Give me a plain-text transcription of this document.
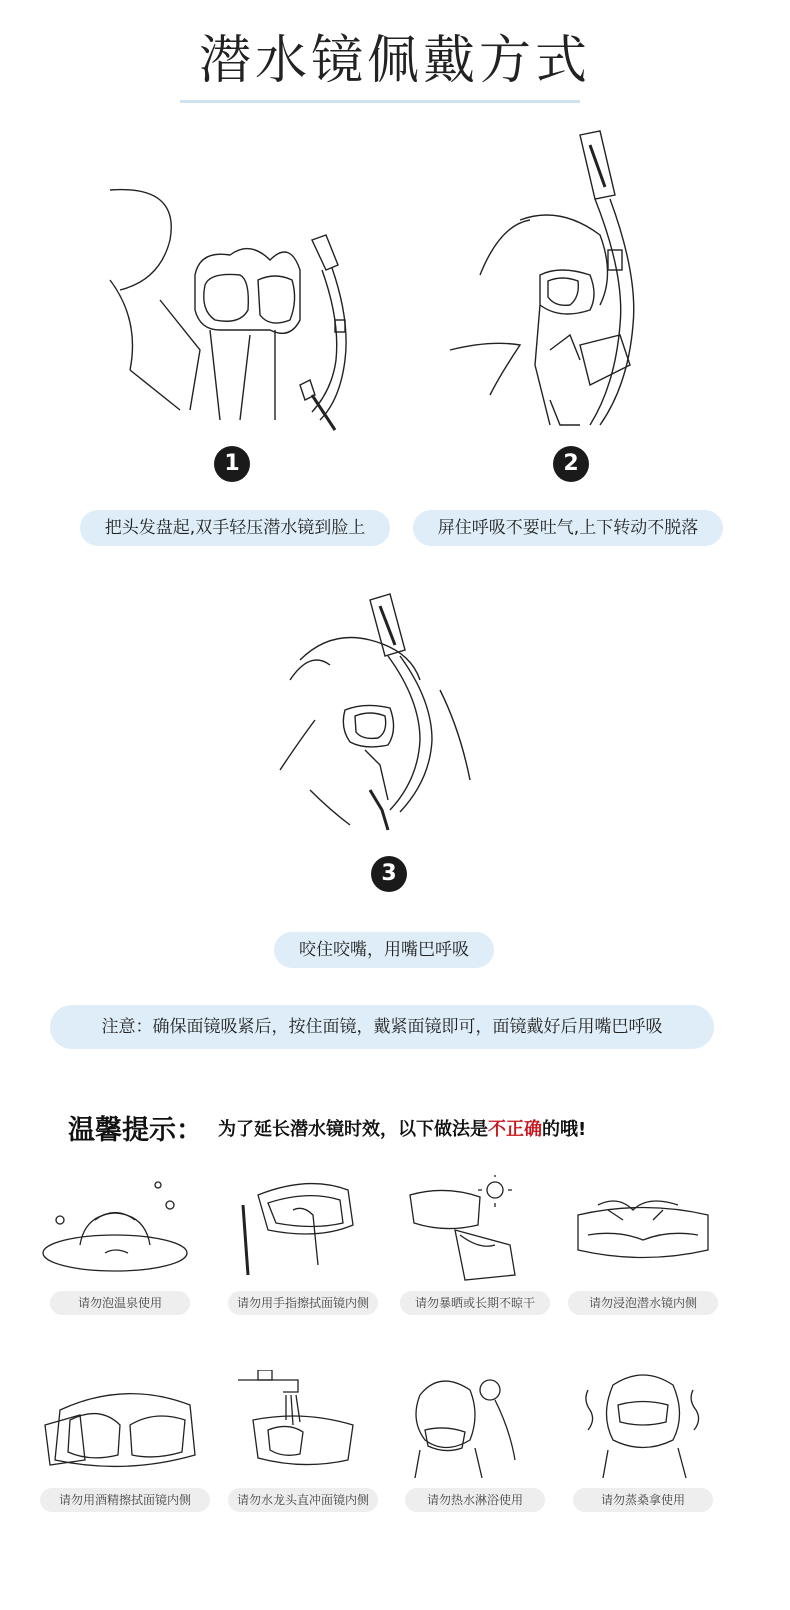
潜水镜佩戴方式
1
把头发盘起,双手轻压潜水镜到脸上
2
屏住呼吸不要吐气,上下转动不脱落
3
咬住咬嘴，用嘴巴呼吸
注意：确保面镜吸紧后，按住面镜，戴紧面镜即可，面镜戴好后用嘴巴呼吸
温馨提示： 为了延长潜水镜时效，以下做法是不正确的哦!
请勿泡温泉使用	请勿用手指擦拭面镜内侧	请勿暴晒或长期不晾干	请勿浸泡潜水镜内侧
请勿用酒精擦拭面镜内侧	请勿水龙头直冲面镜内侧	请勿热水淋浴使用	请勿蒸桑拿使用
